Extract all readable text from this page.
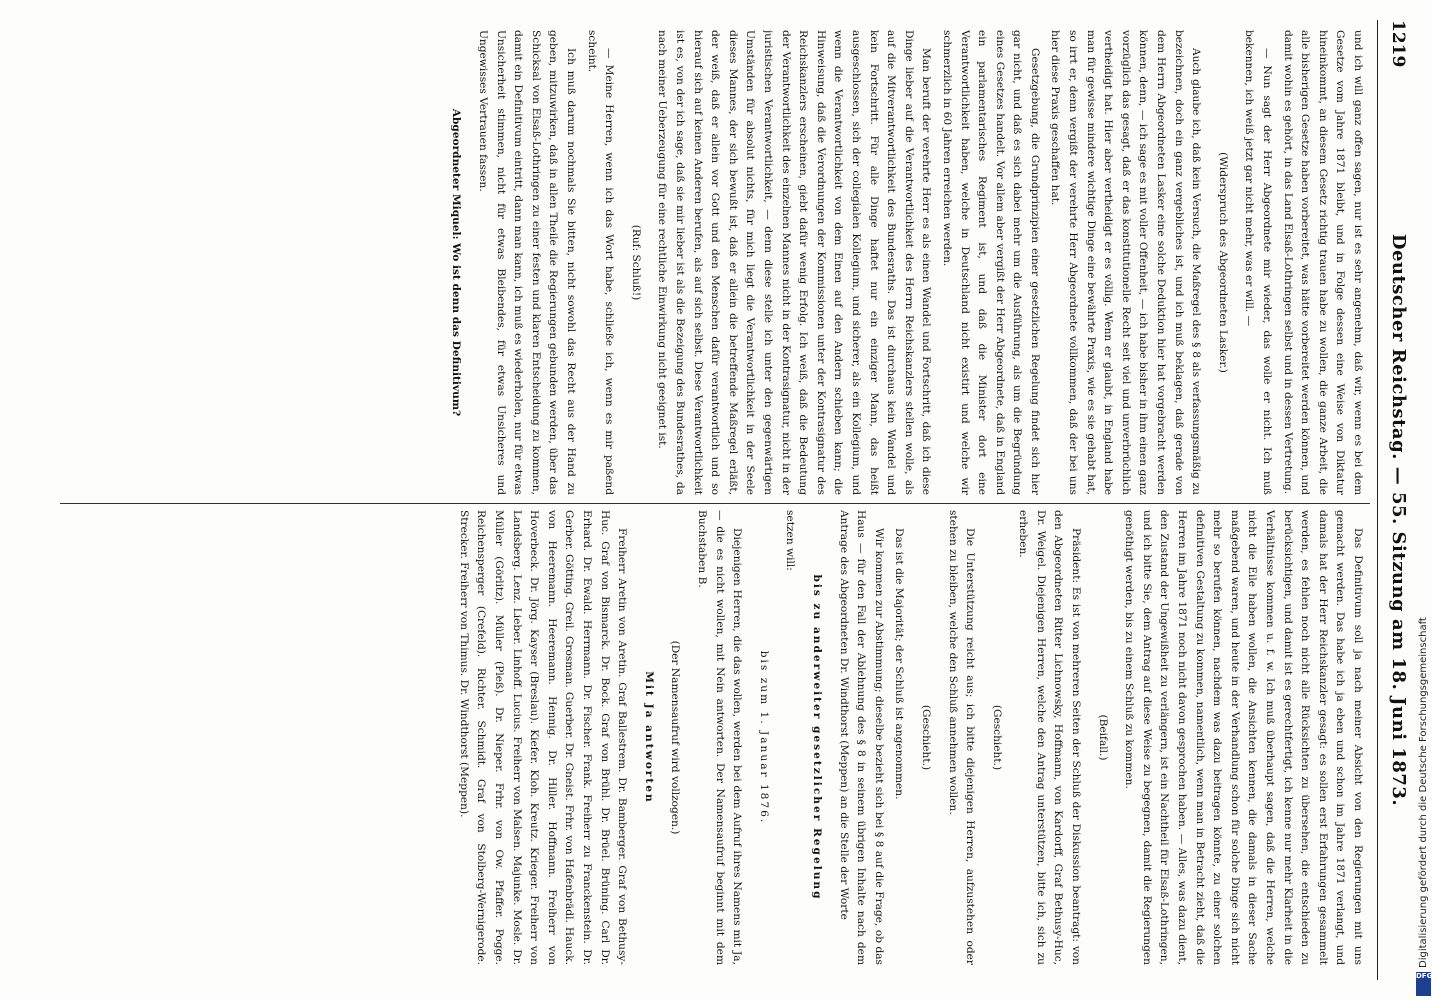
1219
Deutscher Reichstag. — 55. Sitzung am 18. Juni 1873.

und ich will ganz offen sagen, nur ist es sehr angenehm, daß wir, wenn es bei dem Gesetze vom Jahre 1871 bleibt, und in Folge dessen eine Weise von Diktatur hineinkommt, an diesem Gesetz richtig trauen habe zu wollen, die ganze Arbeit, die alle bisherigen Gesetze haben vorbereitet, was hätte vorbereitet werden können, und damit wohin es gehört, in das Land Elsaß-Lothringen selbst und in dessen Vertretung.

— Nun sagt der Herr Abgeordnete mir wieder, das wolle er nicht. Ich muß bekennen, ich weiß jetzt gar nicht mehr, was er will. —

(Widerspruch des Abgeordneten Lasker.)

Auch glaube ich, daß kein Versuch, die Maßregel des § 8 als verfassungsmäßig zu bezeichnen, doch ein ganz vergebliches ist, und ich muß beklagen, daß gerade von dem Herrn Abgeordneten Lasker eine solche Deduktion hier hat vorgebracht werden können, denn, — ich sage es mit voller Offenheit, — ich habe bisher in ihm einen ganz vorzüglich das gesagt, daß er das konstitutionelle Recht seit viel und unverbrüchlich vertheidigt hat. Hier aber vertheidigt er es völlig. Wenn er glaubt, in England habe man für gewisse mindere wichtige Dinge eine bewährte Praxis, wie es sie gehabt hat, so irrt er, denn vergißt der verehrte Herr Abgeordnete vollkommen, daß der bei uns hier diese Praxis geschaffen hat.

Gesetzgebung, die Grundprinzipien einer gesetzlichen Regelung findet sich hier gar nicht, und daß es sich dabei mehr um die Ausführung, als um die Begründung eines Gesetzes handelt. Vor allem aber vergißt der Herr Abgeordnete, daß in England ein parlamentarisches Regiment ist, und daß die Minister dort eine Verantwortlichkeit haben, welche in Deutschland nicht existirt und welche wir schmerzlich in 60 Jahren erreichen werden.

Man beruft der verehrte Herr es als einen Wandel und Fortschritt, daß ich diese Dinge lieber auf die Verantwortlichkeit des Herrn Reichskanzlers stellen wolle, als auf die Mitverantwortlichkeit des Bundesraths. Das ist durchaus kein Wandel und kein Fortschritt. Für alle Dinge haftet nur ein einziger Mann, das heißt ausgeschlossen, sich der collegialen Kollegium, und sicherer, als ein Kollegium, und wenn die Verantwortlichkeit von dem Einen auf den Andern schieben kann; die Hinweisung, daß die Verordnungen der Kommissionen unter der Kontrasignatur des Reichskanzlers erscheinen, giebt dafür wenig Erfolg. Ich weiß, daß die Bedeutung der Verantwortlichkeit des einzelnen Mannes nicht in der Kontrasignatur, nicht in der juristischen Verantwortlichkeit, — denn diese stelle ich unter den gegenwärtigen Umständen für absolut nichts, für mich liegt die Verantwortlichkeit in der Seele dieses Mannes, der sich bewußt ist, daß er allein die betreffende Maßregel erläßt, der weiß, daß er allein vor Gott und den Menschen dafür verantwortlich und so hierauf sich auf keinen Anderen berufen, als auf sich selbst. Diese Verantwortlichkeit ist es, von der ich sage, daß sie mir lieber ist als die Bezeigung des Bundesrathes, da nach meiner Ueberzeugung für eine rechtliche Einwirkung nicht geeignet ist.

(Ruf: Schluß!)

— Meine Herren, wenn ich das Wort habe, schließe ich, wenn es mir paßend scheint.

Ich muß darum nochmals Sie bitten, nicht sowohl das Recht aus der Hand zu geben, mitzuwirken, daß in allen Theile die Regierungen gebunden werden, über das Schicksal von Elsaß-Lothringen zu einer festen und klaren Entscheidung zu kommen, damit ein Definitivum eintritt, dann man kann, ich muß es wiederholen, nur für etwas Unsicherheit stimmen, nicht für etwas Bleibendes, für etwas Unsicheres und Ungewisses Vertrauen fassen.

Abgeordneter Miquel: Wo ist denn das Definitivum?

Das Definitivum soll ja nach meiner Absicht von den Regierungen mit uns gemacht werden. Das habe ich ja eben und schon im Jahre 1871 verlangt, und damals hat der Herr Reichskanzler gesagt: es sollen erst Erfahrungen gesammelt werden, es fehlen noch nicht alle Rücksichten zu übersehen, die entschieden zu berücksichtigen, und damit ist es gerechtfertigt, ich kenne nur mehr Klarheit in die Verhältnisse kommen u. f. w. Ich muß überhaupt sagen, daß die Herren, welche nicht die Eile haben wollen, die Ansichten kennen, die damals in dieser Sache maßgebend waren, und heute in der Verhandlung schon für solche Dinge sich nicht mehr so berufen können, nachdem was dazu beitragen könnte, zu einer solchen definitiven Gestaltung zu kommen, namentlich, wenn man in Betracht zieht, daß die Herren im Jahre 1871 noch nicht davon gesprochen haben. — Alles, was dazu dient, den Zustand der Ungewißheit zu verlängern, ist ein Nachtheil für Elsaß-Lothringen, und ich bitte Sie, dem Antrag auf diese Weise zu begegnen, damit die Regierungen genöthigt werden, bis zu einem Schluß zu kommen.

(Beifall.)

Präsident: Es ist von mehreren Seiten der Schluß der Diskussion beantragt: von den Abgeordneten Ritter Lichnowsky, Hoffmann, von Kardorff, Graf Bethusy-Huc, Dr. Weigel. Diejenigen Herren, welche den Antrag unterstützen, bitte ich, sich zu erheben.

(Geschieht.)

Die Unterstützung reicht aus; ich bitte diejenigen Herren, aufzustehen oder stehen zu bleiben, welche den Schluß annehmen wollen.

(Geschieht.)

Das ist die Majorität; der Schluß ist angenommen.

Wir kommen zur Abstimmung; dieselbe bezieht sich bei § 8 auf die Frage, ob das Haus — für den Fall der Ablehnung des § 8 in seinem übrigen Inhalte nach dem Antrage des Abgeordneten Dr. Windthorst (Meppen) an die Stelle der Worte

bis zu anderweiter gesetzlicher Regelung

setzen will:

bis zum 1. Januar 1876.

Diejenigen Herren, die das wollen, werden bei dem Aufruf ihres Namens mit Ja, — die es nicht wollen, mit Nein antworten. Der Namensaufruf beginnt mit dem Buchstaben B.

(Der Namensaufruf wird vollzogen.)

Mit Ja antworten

Freiherr Aretin von Aretin. Graf Ballestrem. Dr. Bamberger. Graf von Bethusy-Huc. Graf von Bismarck. Dr. Bock. Graf von Brühl. Dr. Brüel. Brüning. Carl Dr. Erhard. Dr. Ewald. Herrmann. Dr. Fischer. Frank. Freiherr zu Franckenstein. Dr. Gerber. Götting. Greil. Grosman. Guerber. Dr. Gneist. Frhr. von Hafenbrädl. Hauck. von Heeremann. Heeremann. Hennig. Dr. Hiller. Hoffmann. Freiherr von Hoverbeck. Dr. Jörg. Kayser (Breslau). Kiefer. Kloh. Kreutz. Krieger. Freiherr von Landsberg. Lenz. Lieber. Linhoff. Lucius. Freiherr von Malsen. Majunke. Mosle. Dr. Müller (Görlitz). Müller (Pleß). Dr. Nieper. Frhr. von Ow. Pfaffer. Pogge. Reichensperger (Crefeld). Richter. Schmidt. Graf von Stolberg-Wernigerode. Strecker. Freiherr von Thimus. Dr. Windthorst (Meppen).	Digitalisierung gefördert durch die Deutsche Forschungsgemeinschaft
DFG
